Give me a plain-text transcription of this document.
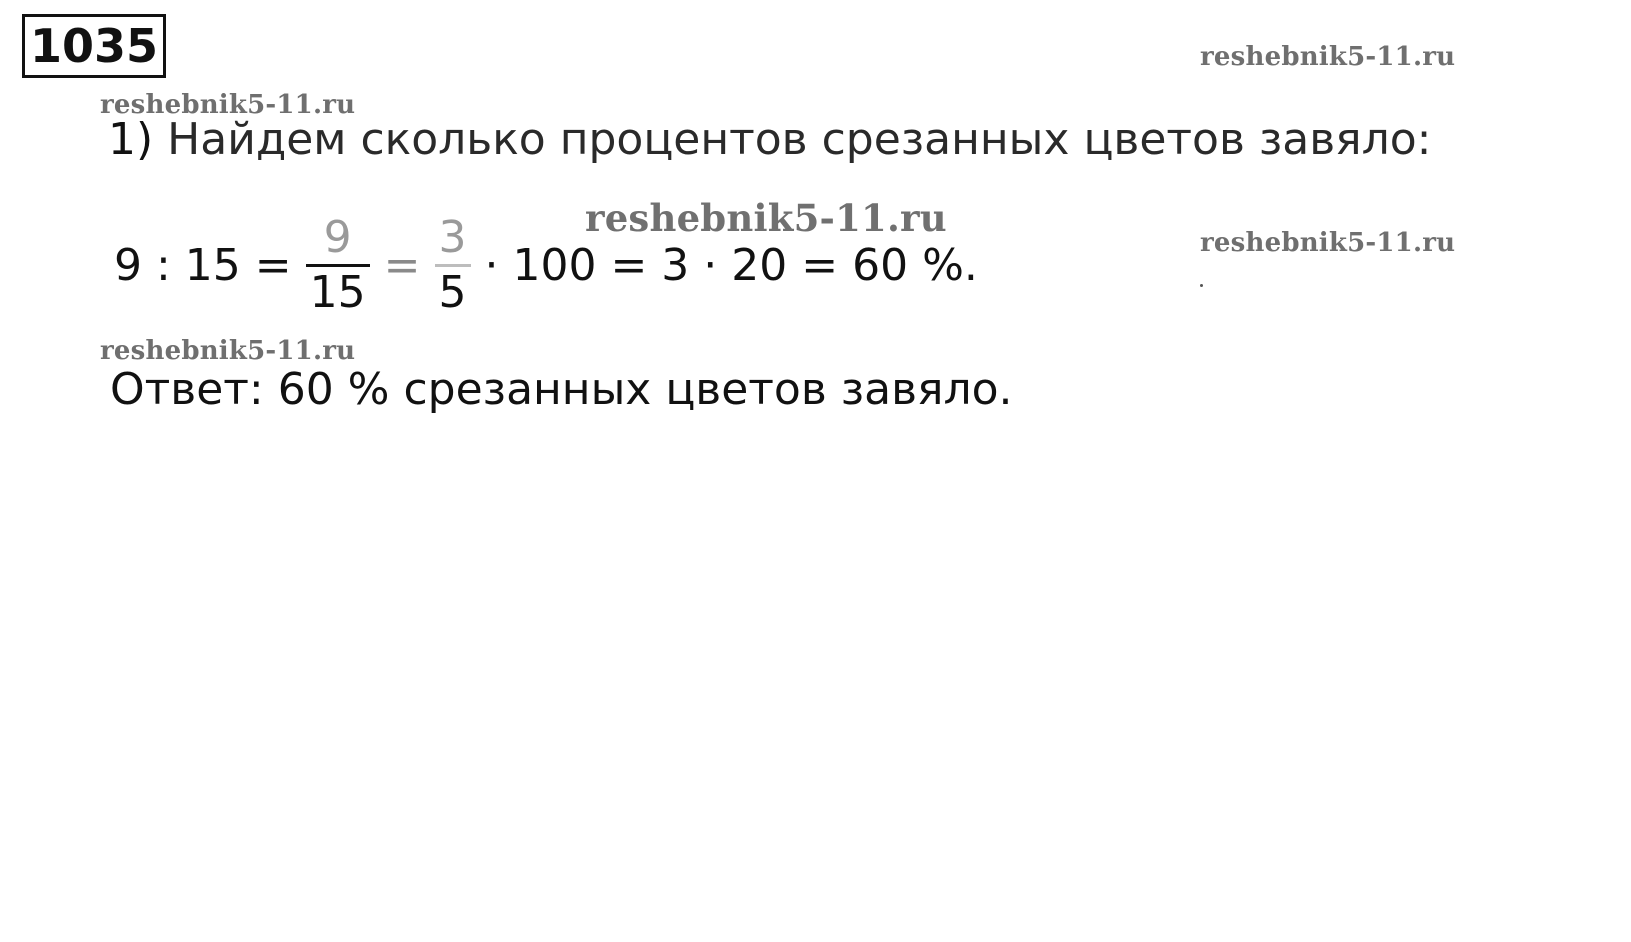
1035	reshebnik5-11.ru
reshebnik5-11.ru
1) Найдем сколько процентов срезанных цветов завяло:
reshebnik5-11.ru
reshebnik5-11.ru
9 : $15 = \frac{9}{15} = \frac{3}{5} \cdot 100 = 3 \cdot 20 = 60$ %.
reshebnik5-11.ru
Ответ: 60 % срезанных цветов завяло.
